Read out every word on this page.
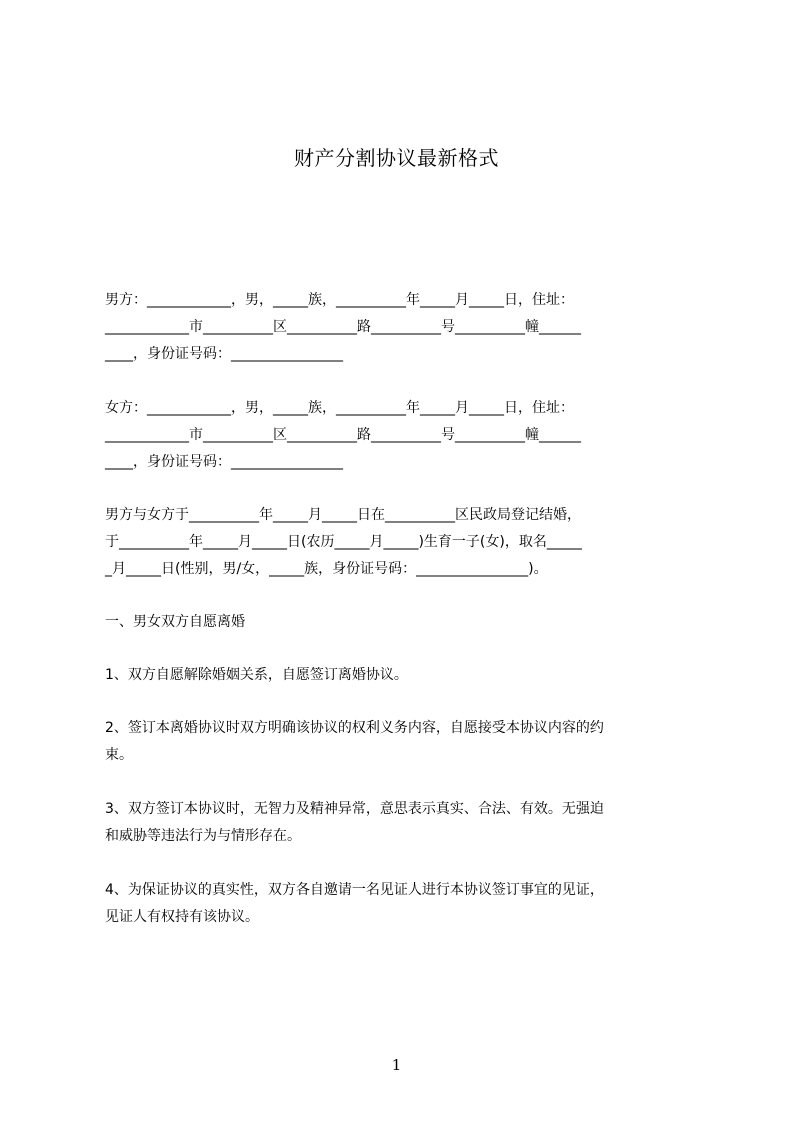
财产分割协议最新格式
男方：____________，男，_____族，__________年_____月_____日，住址：
____________市__________区__________路__________号__________幢______
____，身份证号码：________________
女方：____________，男，_____族，__________年_____月_____日，住址：
____________市__________区__________路__________号__________幢______
____，身份证号码：________________
男方与女方于__________年_____月_____日在__________区民政局登记结婚，
于__________年_____月_____日(农历_____月_____)生育一子(女)，取名_____
_月_____日(性别，男/女，_____族，身份证号码：________________)。
一、男女双方自愿离婚
1、双方自愿解除婚姻关系，自愿签订离婚协议。
2、签订本离婚协议时双方明确该协议的权利义务内容，自愿接受本协议内容的约
束。
3、双方签订本协议时，无智力及精神异常，意思表示真实、合法、有效。无强迫
和威胁等违法行为与情形存在。
4、为保证协议的真实性，双方各自邀请一名见证人进行本协议签订事宜的见证，
见证人有权持有该协议。
1
